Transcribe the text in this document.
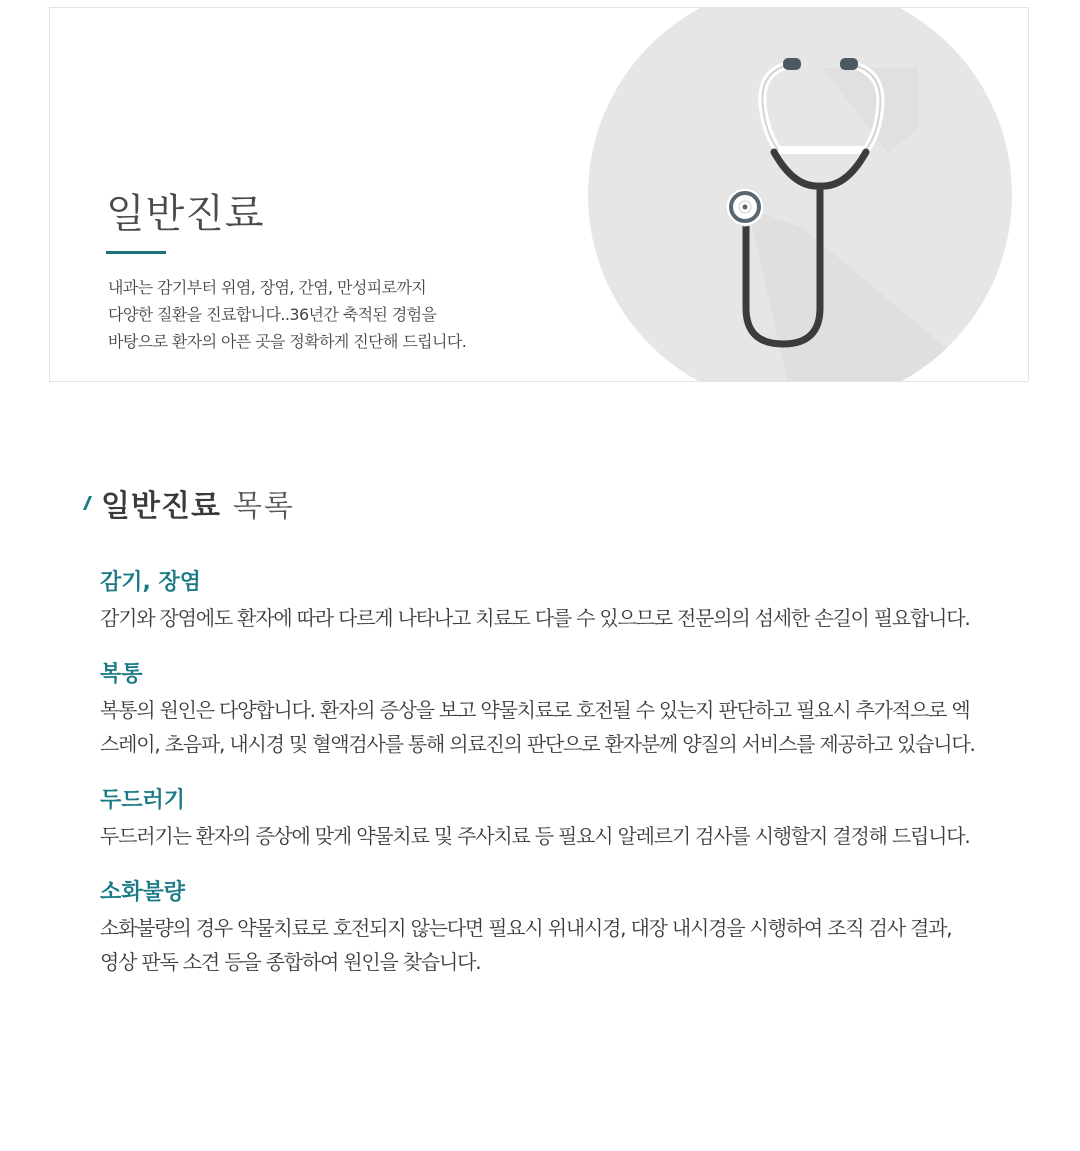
일반진료
내과는 감기부터 위염, 장염, 간염, 만성피로까지
다양한 질환을 진료합니다..36년간 축적된 경험을
바탕으로 환자의 아픈 곳을 정확하게 진단해 드립니다.
일반진료 목록
감기, 장염

감기와 장염에도 환자에 따라 다르게 나타나고 치료도 다를 수 있으므로 전문의의 섬세한 손길이 필요합니다.

복통

복통의 원인은 다양합니다. 환자의 증상을 보고 약물치료로 호전될 수 있는지 판단하고 필요시 추가적으로 엑

스레이, 초음파, 내시경 및 혈액검사를 통해 의료진의 판단으로 환자분께 양질의 서비스를 제공하고 있습니다.

두드러기

두드러기는 환자의 증상에 맞게 약물치료 및 주사치료 등 필요시 알레르기 검사를 시행할지 결정해 드립니다.

소화불량

소화불량의 경우 약물치료로 호전되지 않는다면 필요시 위내시경, 대장 내시경을 시행하여 조직 검사 결과,

영상 판독 소견 등을 종합하여 원인을 찾습니다.
